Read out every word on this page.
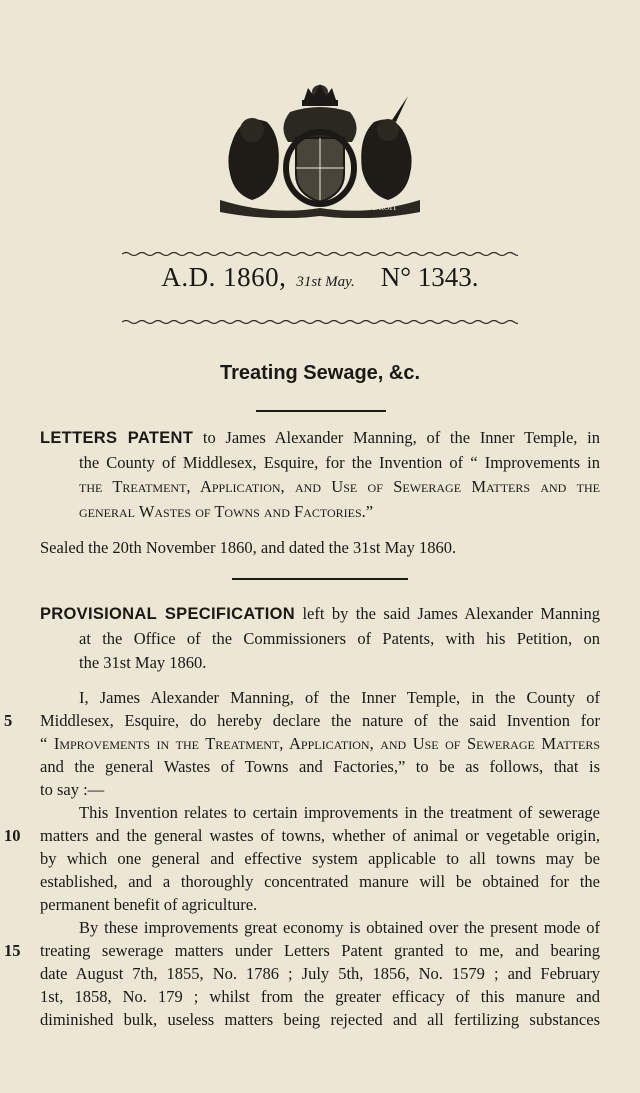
DIEU ET	MON DROIT
A.D. 1860, 31st May. N° 1343.
Treating Sewage, &c.
LETTERS PATENT to James Alexander Manning, of the Inner Temple, in
the County of Middlesex, Esquire, for the Invention of “ Improvements in
the Treatment, Application, and Use of Sewerage Matters and the
general Wastes of Towns and Factories.”
Sealed the 20th November 1860, and dated the 31st May 1860.
PROVISIONAL SPECIFICATION left by the said James Alexander Manning
at the Office of the Commissioners of Patents, with his Petition, on
the 31st May 1860.
I, James Alexander Manning, of the Inner Temple, in the County of
5	Middlesex, Esquire, do hereby declare the nature of the said Invention for
“ Improvements in the Treatment, Application, and Use of Sewerage Matters
and the general Wastes of Towns and Factories,” to be as follows, that is
to say :—
This Invention relates to certain improvements in the treatment of sewerage
10	matters and the general wastes of towns, whether of animal or vegetable origin,
by which one general and effective system applicable to all towns may be
established, and a thoroughly concentrated manure will be obtained for the
permanent benefit of agriculture.
By these improvements great economy is obtained over the present mode of
15	treating sewerage matters under Letters Patent granted to me, and bearing
date August 7th, 1855, No. 1786 ; July 5th, 1856, No. 1579 ; and February
1st, 1858, No. 179 ; whilst from the greater efficacy of this manure and
diminished bulk, useless matters being rejected and all fertilizing substances
